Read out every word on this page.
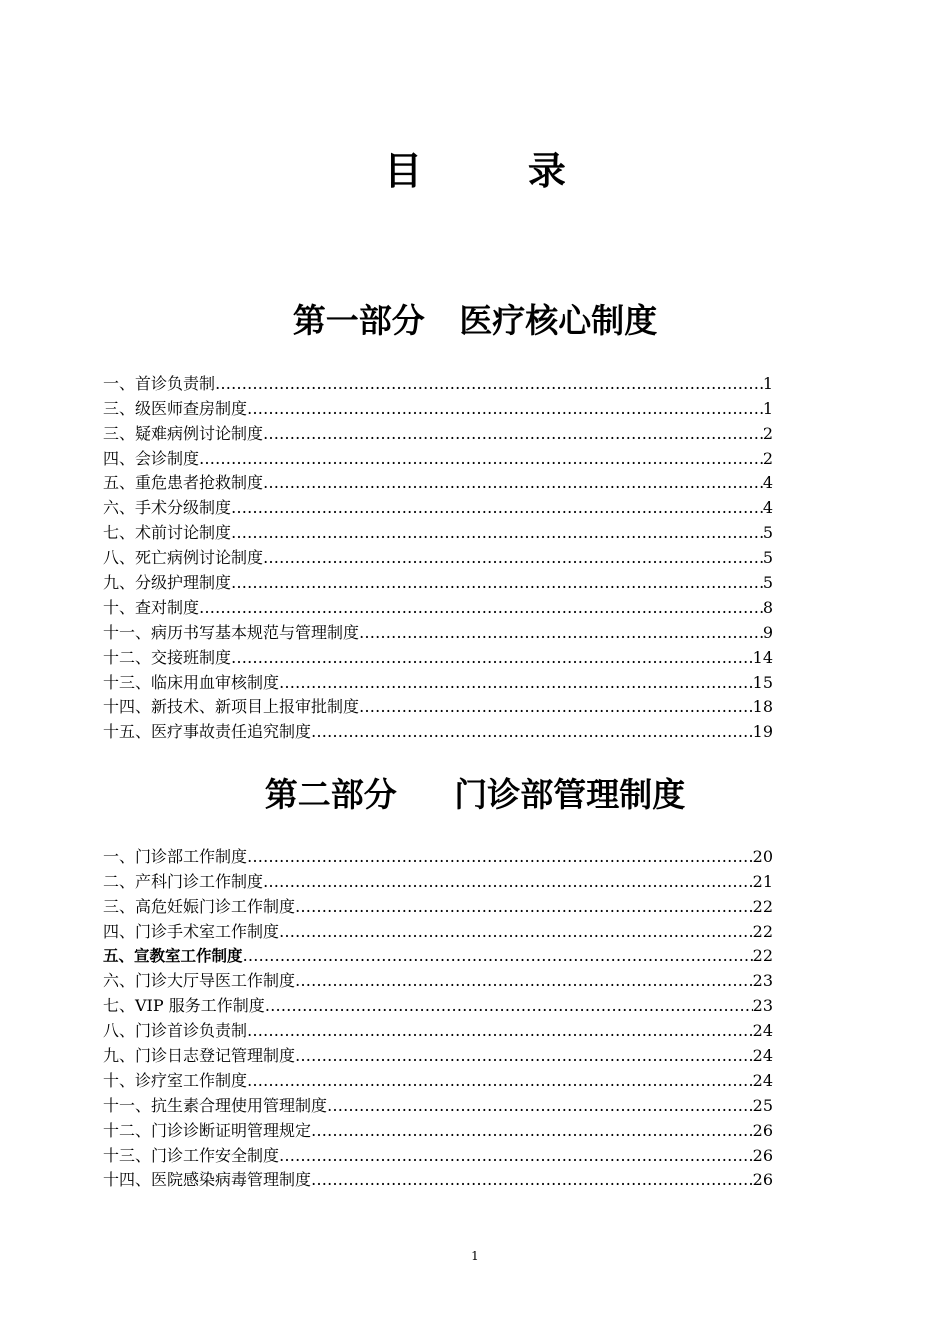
目        录
第一部分   医疗核心制度
一、首诊负责制 ………………………………………………………………………………………………………………………………………………………………	1
三、级医师查房制度 ………………………………………………………………………………………………………………………………………………………………	1
三、疑难病例讨论制度 ………………………………………………………………………………………………………………………………………………………………	2
四、会诊制度 ………………………………………………………………………………………………………………………………………………………………	2
五、重危患者抢救制度 ………………………………………………………………………………………………………………………………………………………………	4
六、手术分级制度 ………………………………………………………………………………………………………………………………………………………………	4
七、术前讨论制度 ………………………………………………………………………………………………………………………………………………………………	5
八、死亡病例讨论制度 ………………………………………………………………………………………………………………………………………………………………	5
九、分级护理制度 ………………………………………………………………………………………………………………………………………………………………	5
十、查对制度 ………………………………………………………………………………………………………………………………………………………………	8
十一、病历书写基本规范与管理制度 ………………………………………………………………………………………………………………………………………………………………	9
十二、交接班制度 ………………………………………………………………………………………………………………………………………………………………	14
十三、临床用血审核制度 ………………………………………………………………………………………………………………………………………………………………	15
十四、新技术、新项目上报审批制度 ………………………………………………………………………………………………………………………………………………………………	18
十五、医疗事故责任追究制度 ………………………………………………………………………………………………………………………………………………………………	19
第二部分     门诊部管理制度
一、门诊部工作制度 ………………………………………………………………………………………………………………………………………………………………	20
二、产科门诊工作制度 ………………………………………………………………………………………………………………………………………………………………	21
三、高危妊娠门诊工作制度 ………………………………………………………………………………………………………………………………………………………………	22
四、门诊手术室工作制度 ………………………………………………………………………………………………………………………………………………………………	22
五、宣教室工作制度 ………………………………………………………………………………………………………………………………………………………………	22
六、门诊大厅导医工作制度 ………………………………………………………………………………………………………………………………………………………………	23
七、VIP 服务工作制度 ………………………………………………………………………………………………………………………………………………………………	23
八、门诊首诊负责制 ………………………………………………………………………………………………………………………………………………………………	24
九、门诊日志登记管理制度 ………………………………………………………………………………………………………………………………………………………………	24
十、诊疗室工作制度 ………………………………………………………………………………………………………………………………………………………………	24
十一、抗生素合理使用管理制度 ………………………………………………………………………………………………………………………………………………………………	25
十二、门诊诊断证明管理规定 ………………………………………………………………………………………………………………………………………………………………	26
十三、门诊工作安全制度 ………………………………………………………………………………………………………………………………………………………………	26
十四、医院感染病毒管理制度 ………………………………………………………………………………………………………………………………………………………………	26
1
